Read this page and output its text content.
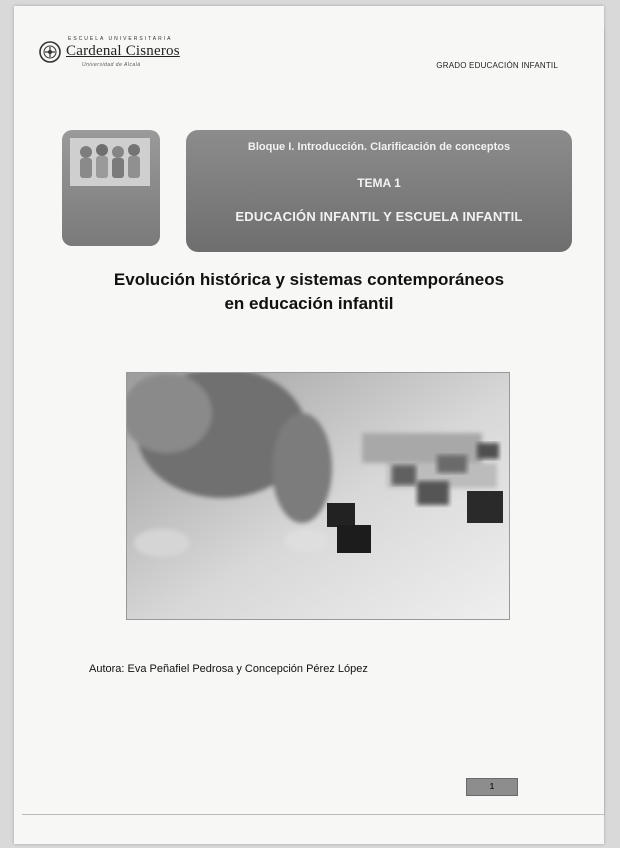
ESCUELA UNIVERSITARIA
Cardenal Cisneros
Universidad de Alcalá	GRADO EDUCACIÓN INFANTIL
Bloque I. Introducción. Clarificación de conceptos
TEMA 1
EDUCACIÓN INFANTIL Y ESCUELA INFANTIL
Evolución histórica y sistemas contemporáneos
en educación infantil
Autora: Eva Peñafiel Pedrosa y Concepción Pérez López
1
